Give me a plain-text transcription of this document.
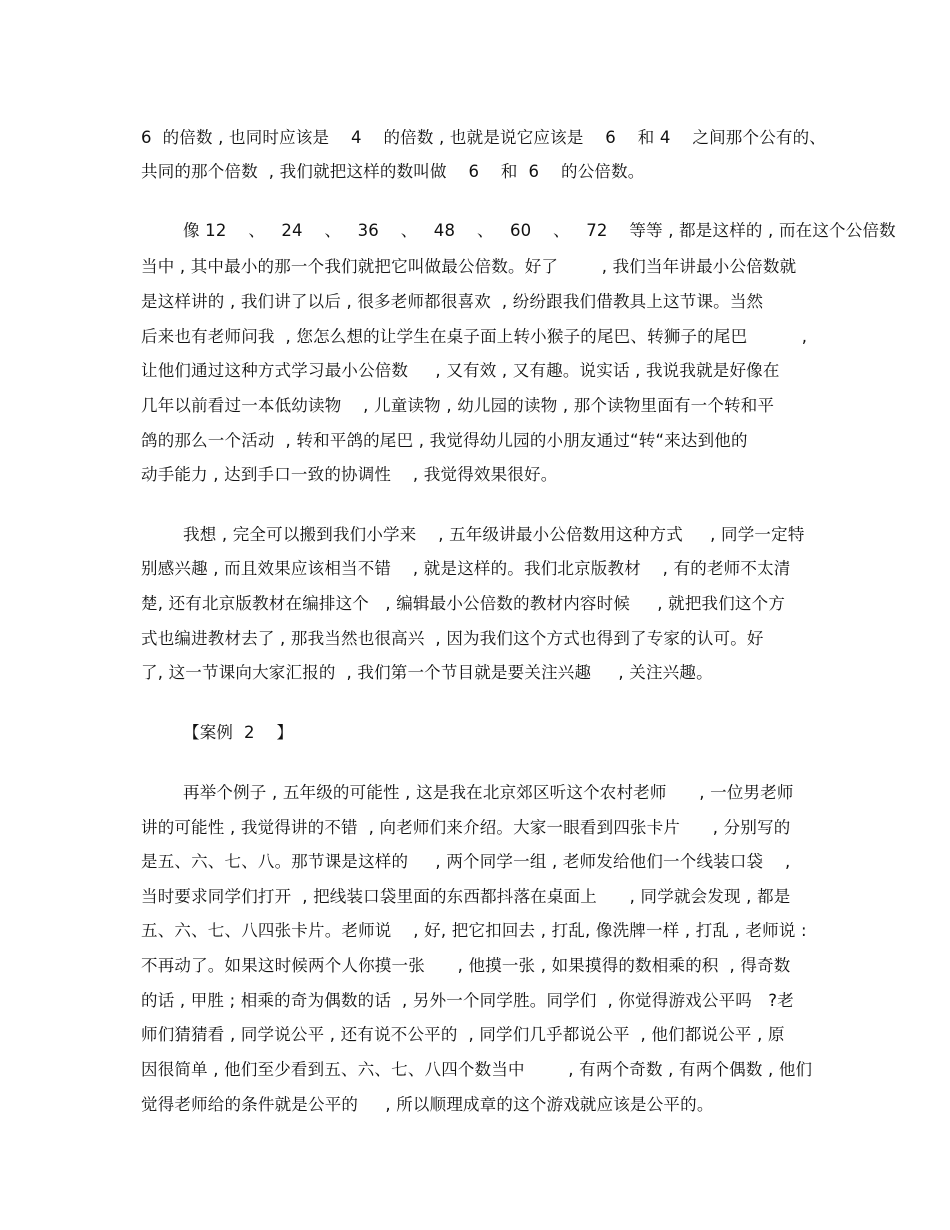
6  的倍数 , 也同时应该是    4    的倍数 , 也就是说它应该是    6    和 4    之间那个公有的、
共同的那个倍数  , 我们就把这样的数叫做    6    和  6    的公倍数。
像 12    、   24    、   36    、   48    、   60    、   72    等等 , 都是这样的 , 而在这个公倍数
当中 , 其中最小的那一个我们就把它叫做最公倍数。好了        , 我们当年讲最小公倍数就
是这样讲的 , 我们讲了以后 , 很多老师都很喜欢  , 纷纷跟我们借教具上这节课。当然
后来也有老师问我  , 您怎么想的让学生在桌子面上转小猴子的尾巴、转狮子的尾巴          ,
让他们通过这种方式学习最小公倍数     , 又有效 , 又有趣。说实话 , 我说我就是好像在
几年以前看过一本低幼读物    , 儿童读物 , 幼儿园的读物 , 那个读物里面有一个转和平
鸽的那么一个活动  , 转和平鸽的尾巴 , 我觉得幼儿园的小朋友通过“转“来达到他的
动手能力 , 达到手口一致的协调性    , 我觉得效果很好。
我想 , 完全可以搬到我们小学来    , 五年级讲最小公倍数用这种方式     , 同学一定特
别感兴趣 , 而且效果应该相当不错    , 就是这样的。我们北京版教材    , 有的老师不太清
楚, 还有北京版教材在编排这个   , 编辑最小公倍数的教材内容时候     , 就把我们这个方
式也编进教材去了 , 那我当然也很高兴  , 因为我们这个方式也得到了专家的认可。好
了, 这一节课向大家汇报的  , 我们第一个节目就是要关注兴趣     , 关注兴趣。
【案例  2    】
再举个例子 , 五年级的可能性 , 这是我在北京郊区听这个农村老师      , 一位男老师
讲的可能性 , 我觉得讲的不错  , 向老师们来介绍。大家一眼看到四张卡片      , 分别写的
是五、六、七、八。那节课是这样的     , 两个同学一组 , 老师发给他们一个线装口袋    ,
当时要求同学们打开  , 把线装口袋里面的东西都抖落在桌面上      , 同学就会发现 , 都是
五、六、七、八四张卡片。老师说    , 好, 把它扣回去 , 打乱, 像洗牌一样 , 打乱 , 老师说 :
不再动了。如果这时候两个人你摸一张      , 他摸一张 , 如果摸得的数相乘的积  , 得奇数
的话 , 甲胜 ; 相乘的奇为偶数的话  , 另外一个同学胜。同学们  , 你觉得游戏公平吗   ?老
师们猜猜看 , 同学说公平 , 还有说不公平的  , 同学们几乎都说公平  , 他们都说公平 , 原
因很简单 , 他们至少看到五、六、七、八四个数当中        , 有两个奇数 , 有两个偶数 , 他们
觉得老师给的条件就是公平的     , 所以顺理成章的这个游戏就应该是公平的。
